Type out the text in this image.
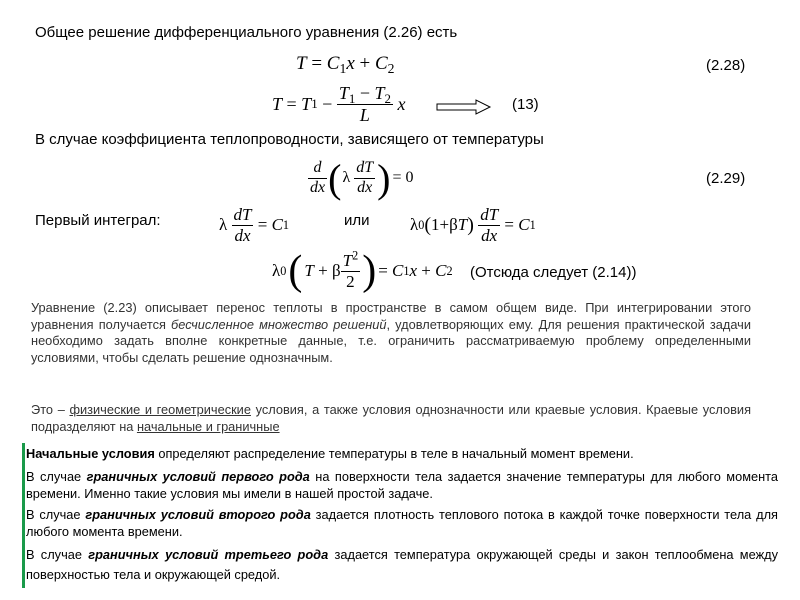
Общее решение дифференциального уравнения (2.26) есть
$T = C_1x + C_2$	(2.28)
T
=
T 1
−
$\frac{T_1 - T_2}{L}$
x	(13)
В случае коэффициента теплопроводности, зависящего от температуры
$\frac{d}{dx}$ ( λ
$\frac{dT}{dx}$ ) = 0	(2.29)
Первый интеграл:	λ
$\frac{dT}{dx}$
=
C 1	или λ 0 ( 1+ β T )
$\frac{dT}{dx}$
=
C 1
λ 0 ( T
+
β $\frac{T^2}{2}$ ) =
C 1 x
+
C 2 (Отсюда следует (2.14))
Уравнение (2.23) описывает перенос теплоты в пространстве в самом общем виде. При интегрировании этого уравнения получается бесчисленное множество решений, удовлетворяющих ему. Для решения практической задачи необходимо задать вполне конкретные данные, т.е. ограничить рассматриваемую проблему определенными условиями, чтобы сделать решение однозначным.
Это – физические и геометрические условия, а также условия однозначности или краевые условия. Краевые условия подразделяют на начальные и граничные
Начальные условия определяют распределение температуры в теле в начальный момент времени.
В случае граничных условий первого рода на поверхности тела задается значение температуры для любого момента времени. Именно такие условия мы имели в нашей простой задаче.
В случае граничных условий второго рода задается плотность теплового потока в каждой точке поверхности тела для любого момента времени.
В случае граничных условий третьего рода задается температура окружающей среды и закон теплообмена между поверхностью тела и окружающей средой.
